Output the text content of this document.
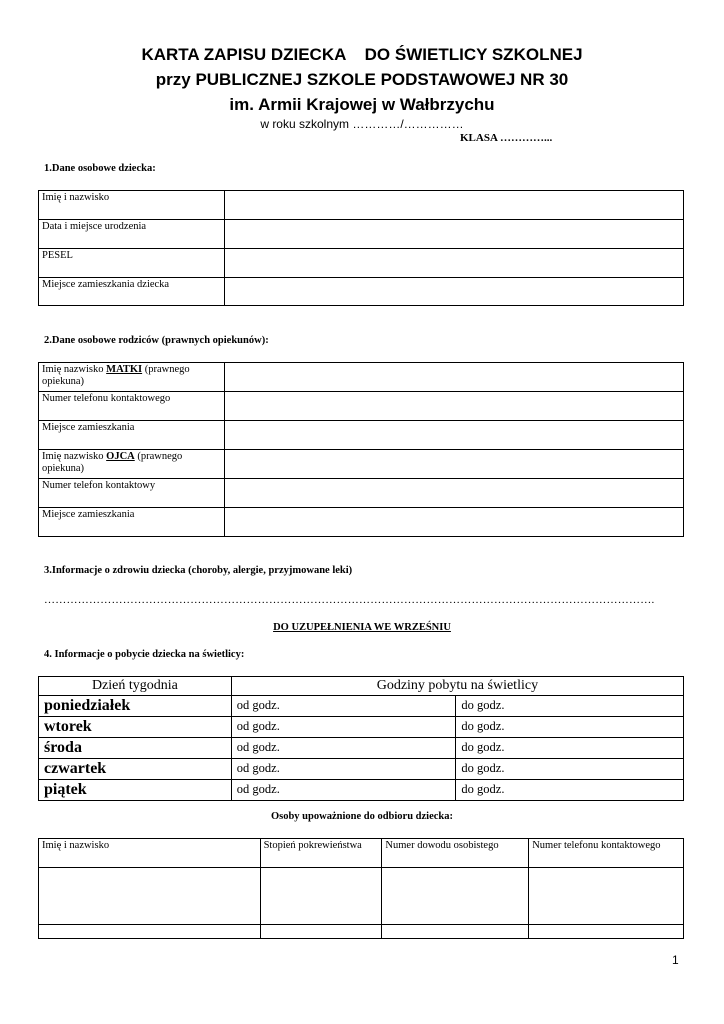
KARTA ZAPISU DZIECKA    DO ŚWIETLICY SZKOLNEJ
przy PUBLICZNEJ SZKOLE PODSTAWOWEJ NR 30
im. Armii Krajowej w Wałbrzychu
w roku szkolnym …………/……………
KLASA …………...
1.Dane osobowe dziecka:
Imię i nazwisko	
Data i miejsce urodzenia	
PESEL	
Miejsce zamieszkania dziecka	
2.Dane osobowe rodziców (prawnych opiekunów):
Imię nazwisko MATKI (prawnego opiekuna)	
Numer telefonu kontaktowego	
Miejsce zamieszkania	
Imię nazwisko OJCA (prawnego opiekuna)	
Numer telefon kontaktowy	
Miejsce zamieszkania	
3.Informacje o zdrowiu dziecka (choroby, alergie, przyjmowane leki)
……………………………………………………………………………………………………………………………………………….
DO UZUPEŁNIENIA WE WRZEŚNIU
4. Informacje o pobycie dziecka na świetlicy:
Dzień tygodnia	Godziny pobytu na świetlicy	
poniedziałek	od godz.	do godz.
wtorek	od godz.	do godz.
środa	od godz.	do godz.
czwartek	od godz.	do godz.
piątek	od godz.	do godz.
Osoby upoważnione do odbioru dziecka:
Imię i nazwisko	Stopień pokrewieństwa	Numer dowodu osobistego	Numer telefonu kontaktowego

1
